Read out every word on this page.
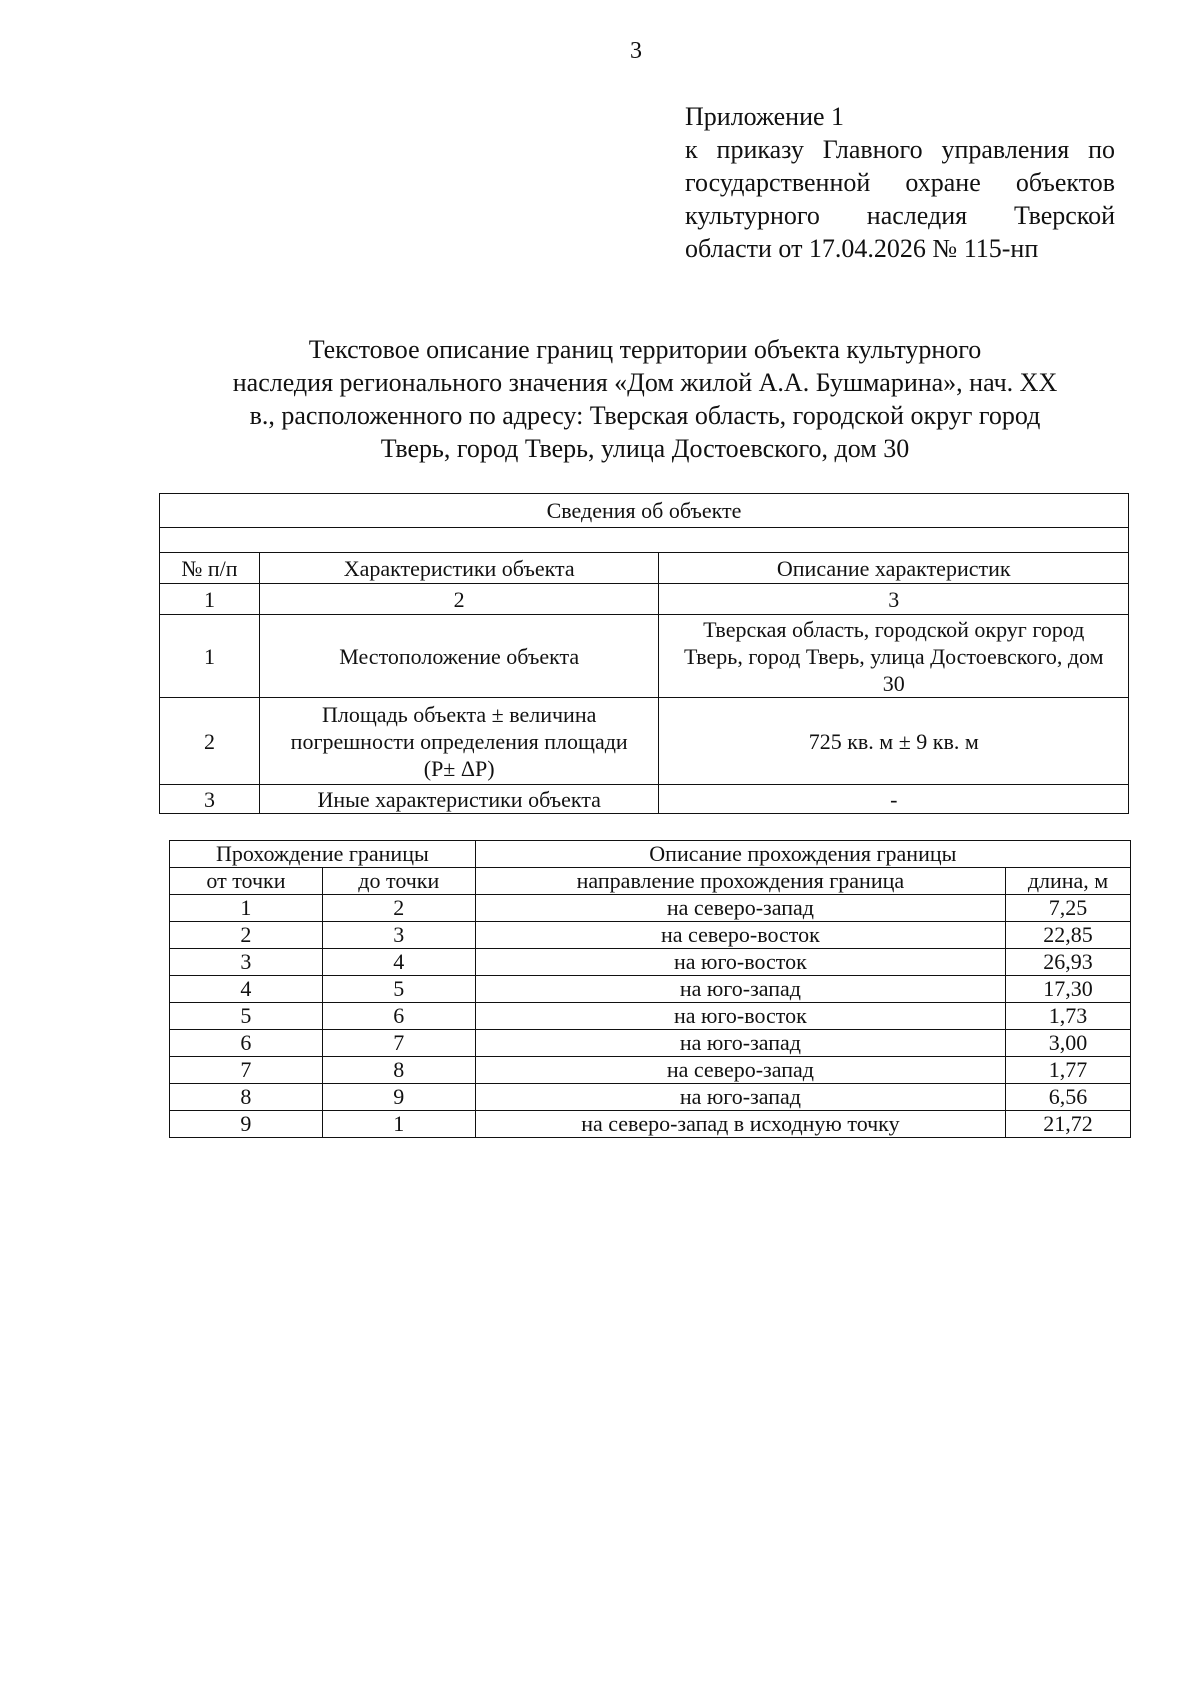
3
Приложение 1
к приказу Главного управления по
государственной охране объектов
культурного наследия Тверской
области от 17.04.2026 № 115-нп
Текстовое описание границ территории объекта культурного
наследия регионального значения «Дом жилой А.А. Бушмарина», нач. XX
в., расположенного по адресу: Тверская область, городской округ город
Тверь, город Тверь, улица Достоевского, дом 30
Сведения об объекте		

№ п/п	Характеристики объекта	Описание характеристик
1	2	3
1	Местоположение объекта	Тверская область, городской округ город Тверь, город Тверь, улица Достоевского, дом 30
2	Площадь объекта ± величина погрешности определения площади (P± ΔP)	725 кв. м ± 9 кв. м
3	Иные характеристики объекта	-
Прохождение границы		Описание прохождения границы	
от точки	до точки	направление прохождения граница	длина, м
1	2	на северо-запад	7,25
2	3	на северо-восток	22,85
3	4	на юго-восток	26,93
4	5	на юго-запад	17,30
5	6	на юго-восток	1,73
6	7	на юго-запад	3,00
7	8	на северо-запад	1,77
8	9	на юго-запад	6,56
9	1	на северо-запад в исходную точку	21,72
